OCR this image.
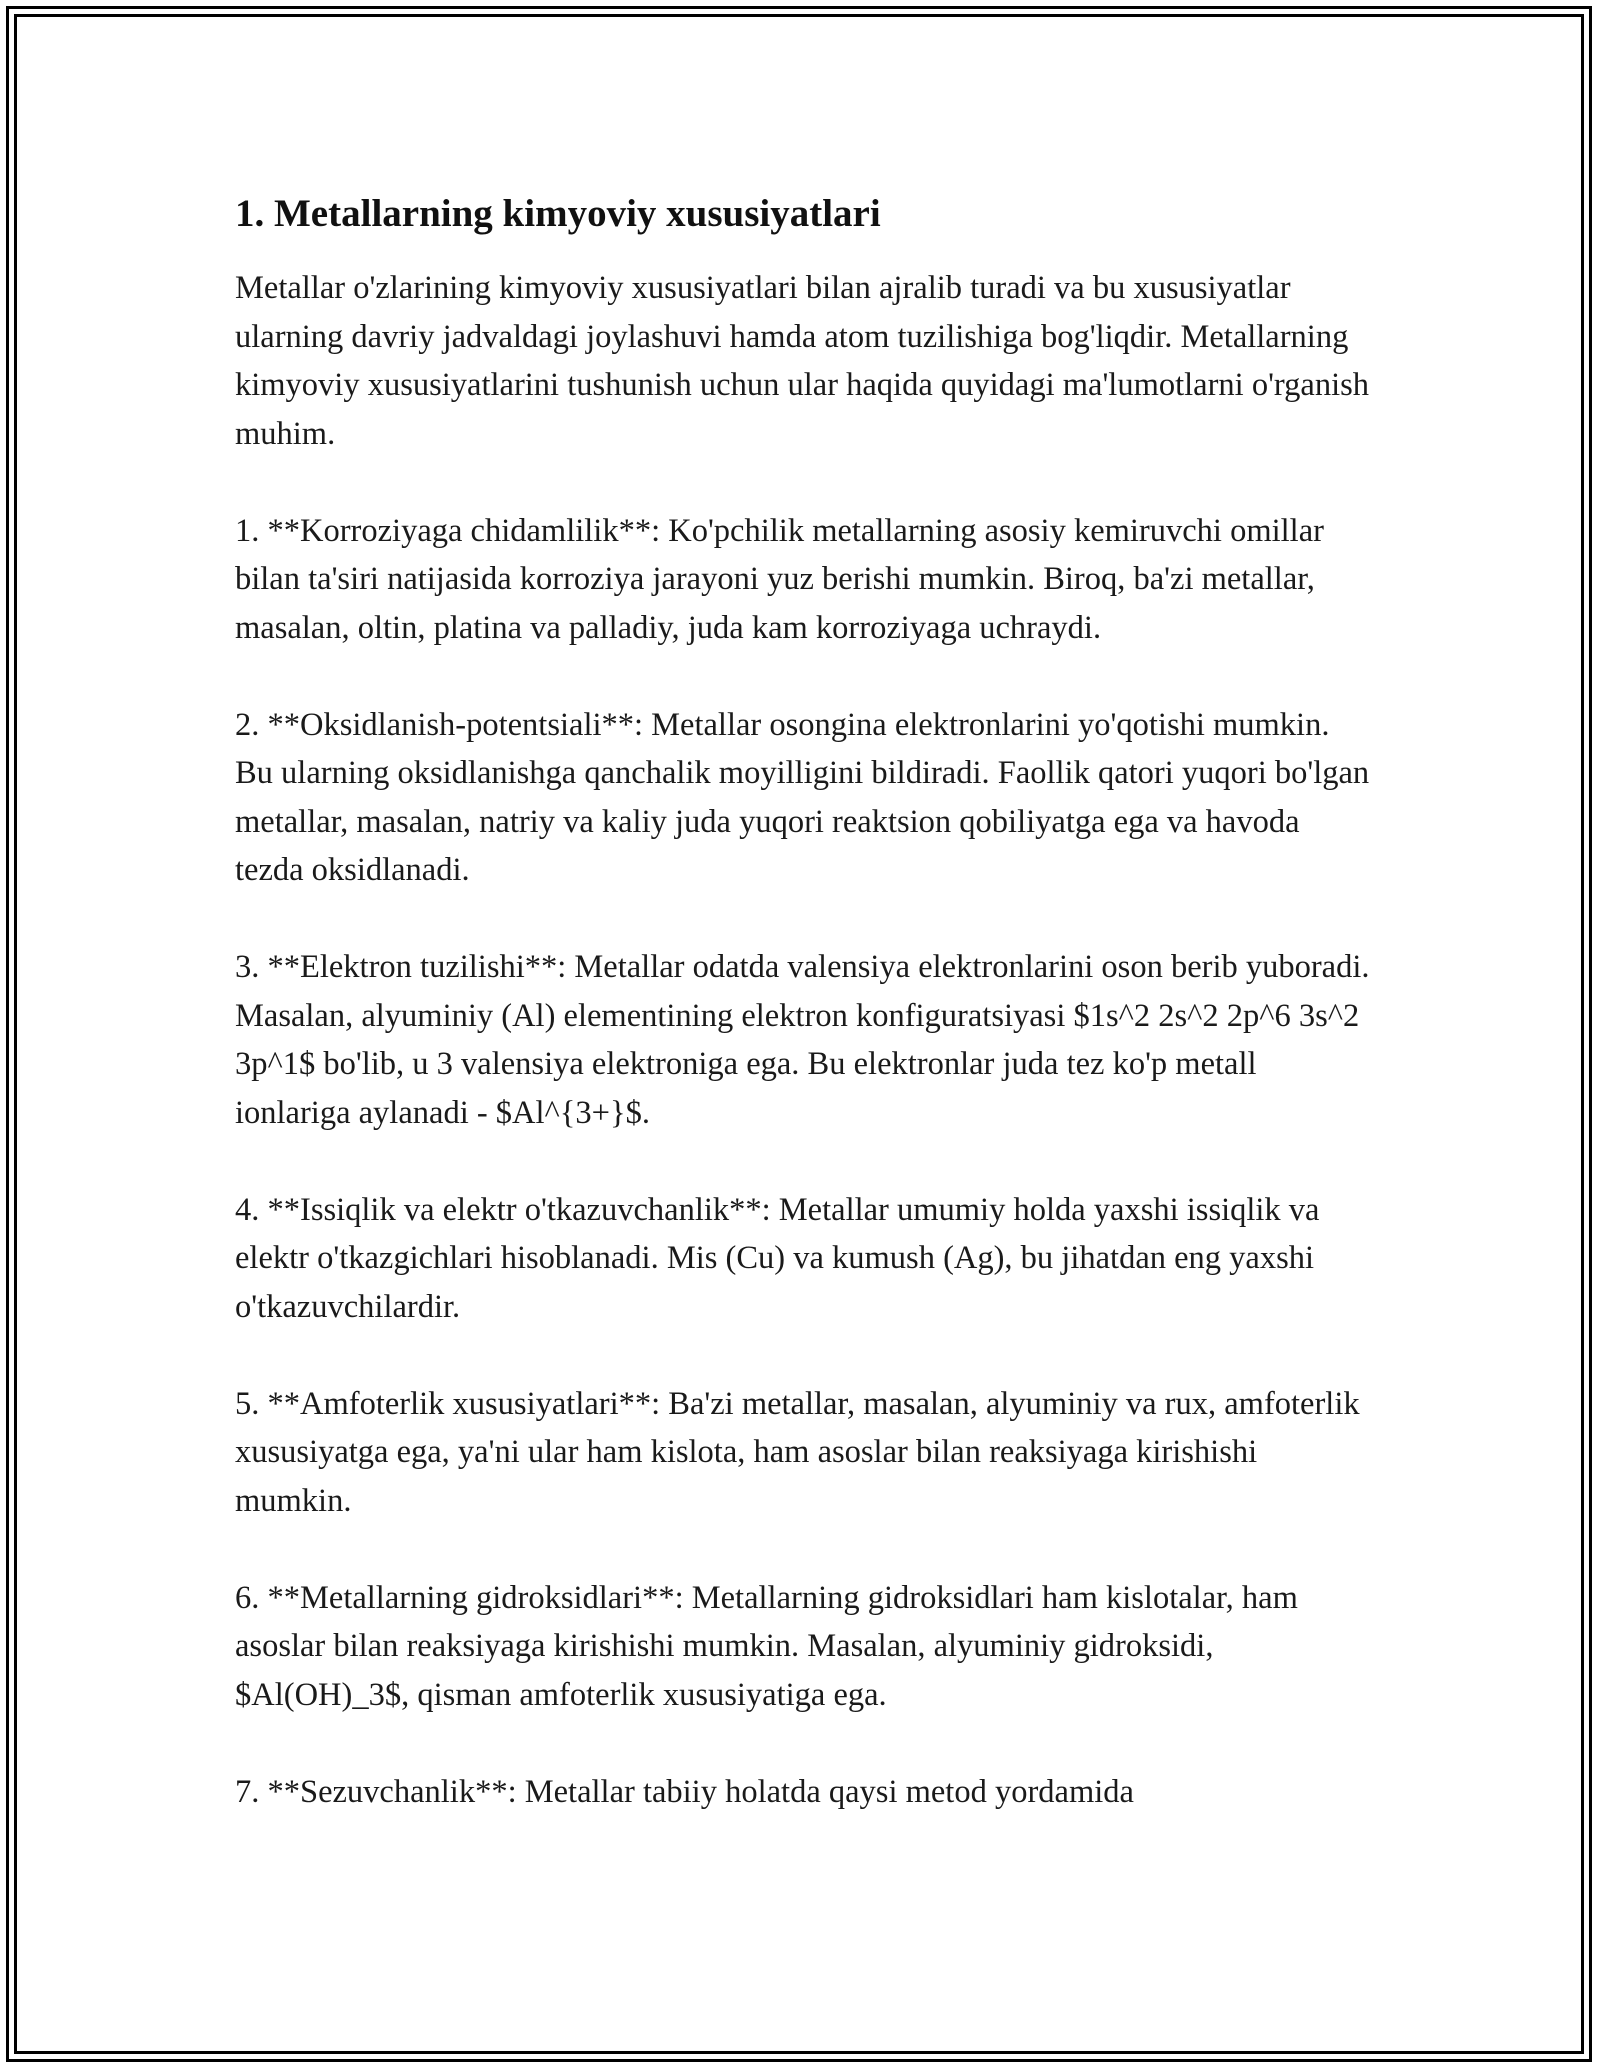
1. Metallarning kimyoviy xususiyatlari

Metallar o'zlarining kimyoviy xususiyatlari bilan ajralib turadi va bu xususiyatlar ularning davriy jadvaldagi joylashuvi hamda atom tuzilishiga bog'liqdir. Metallarning kimyoviy xususiyatlarini tushunish uchun ular haqida quyidagi ma'lumotlarni o'rganish muhim.

1. **Korroziyaga chidamlilik**: Ko'pchilik metallarning asosiy kemiruvchi omillar bilan ta'siri natijasida korroziya jarayoni yuz berishi mumkin. Biroq, ba'zi metallar, masalan, oltin, platina va palladiy, juda kam korroziyaga uchraydi.

2. **Oksidlanish-potentsiali**: Metallar osongina elektronlarini yo'qotishi mumkin. Bu ularning oksidlanishga qanchalik moyilligini bildiradi. Faollik qatori yuqori bo'lgan metallar, masalan, natriy va kaliy juda yuqori reaktsion qobiliyatga ega va havoda tezda oksidlanadi.

3. **Elektron tuzilishi**: Metallar odatda valensiya elektronlarini oson berib yuboradi. Masalan, alyuminiy (Al) elementining elektron konfiguratsiyasi $1s^2 2s^2 2p^6 3s^2 3p^1$ bo'lib, u 3 valensiya elektroniga ega. Bu elektronlar juda tez ko'p metall ionlariga aylanadi - $Al^{3+}$.

4. **Issiqlik va elektr o'tkazuvchanlik**: Metallar umumiy holda yaxshi issiqlik va elektr o'tkazgichlari hisoblanadi. Mis (Cu) va kumush (Ag), bu jihatdan eng yaxshi o'tkazuvchilardir.

5. **Amfoterlik xususiyatlari**: Ba'zi metallar, masalan, alyuminiy va rux, amfoterlik xususiyatga ega, ya'ni ular ham kislota, ham asoslar bilan reaksiyaga kirishishi mumkin.

6. **Metallarning gidroksidlari**: Metallarning gidroksidlari ham kislotalar, ham asoslar bilan reaksiyaga kirishishi mumkin. Masalan, alyuminiy gidroksidi, $Al(OH)_3$, qisman amfoterlik xususiyatiga ega.

7. **Sezuvchanlik**: Metallar tabiiy holatda qaysi metod yordamida
